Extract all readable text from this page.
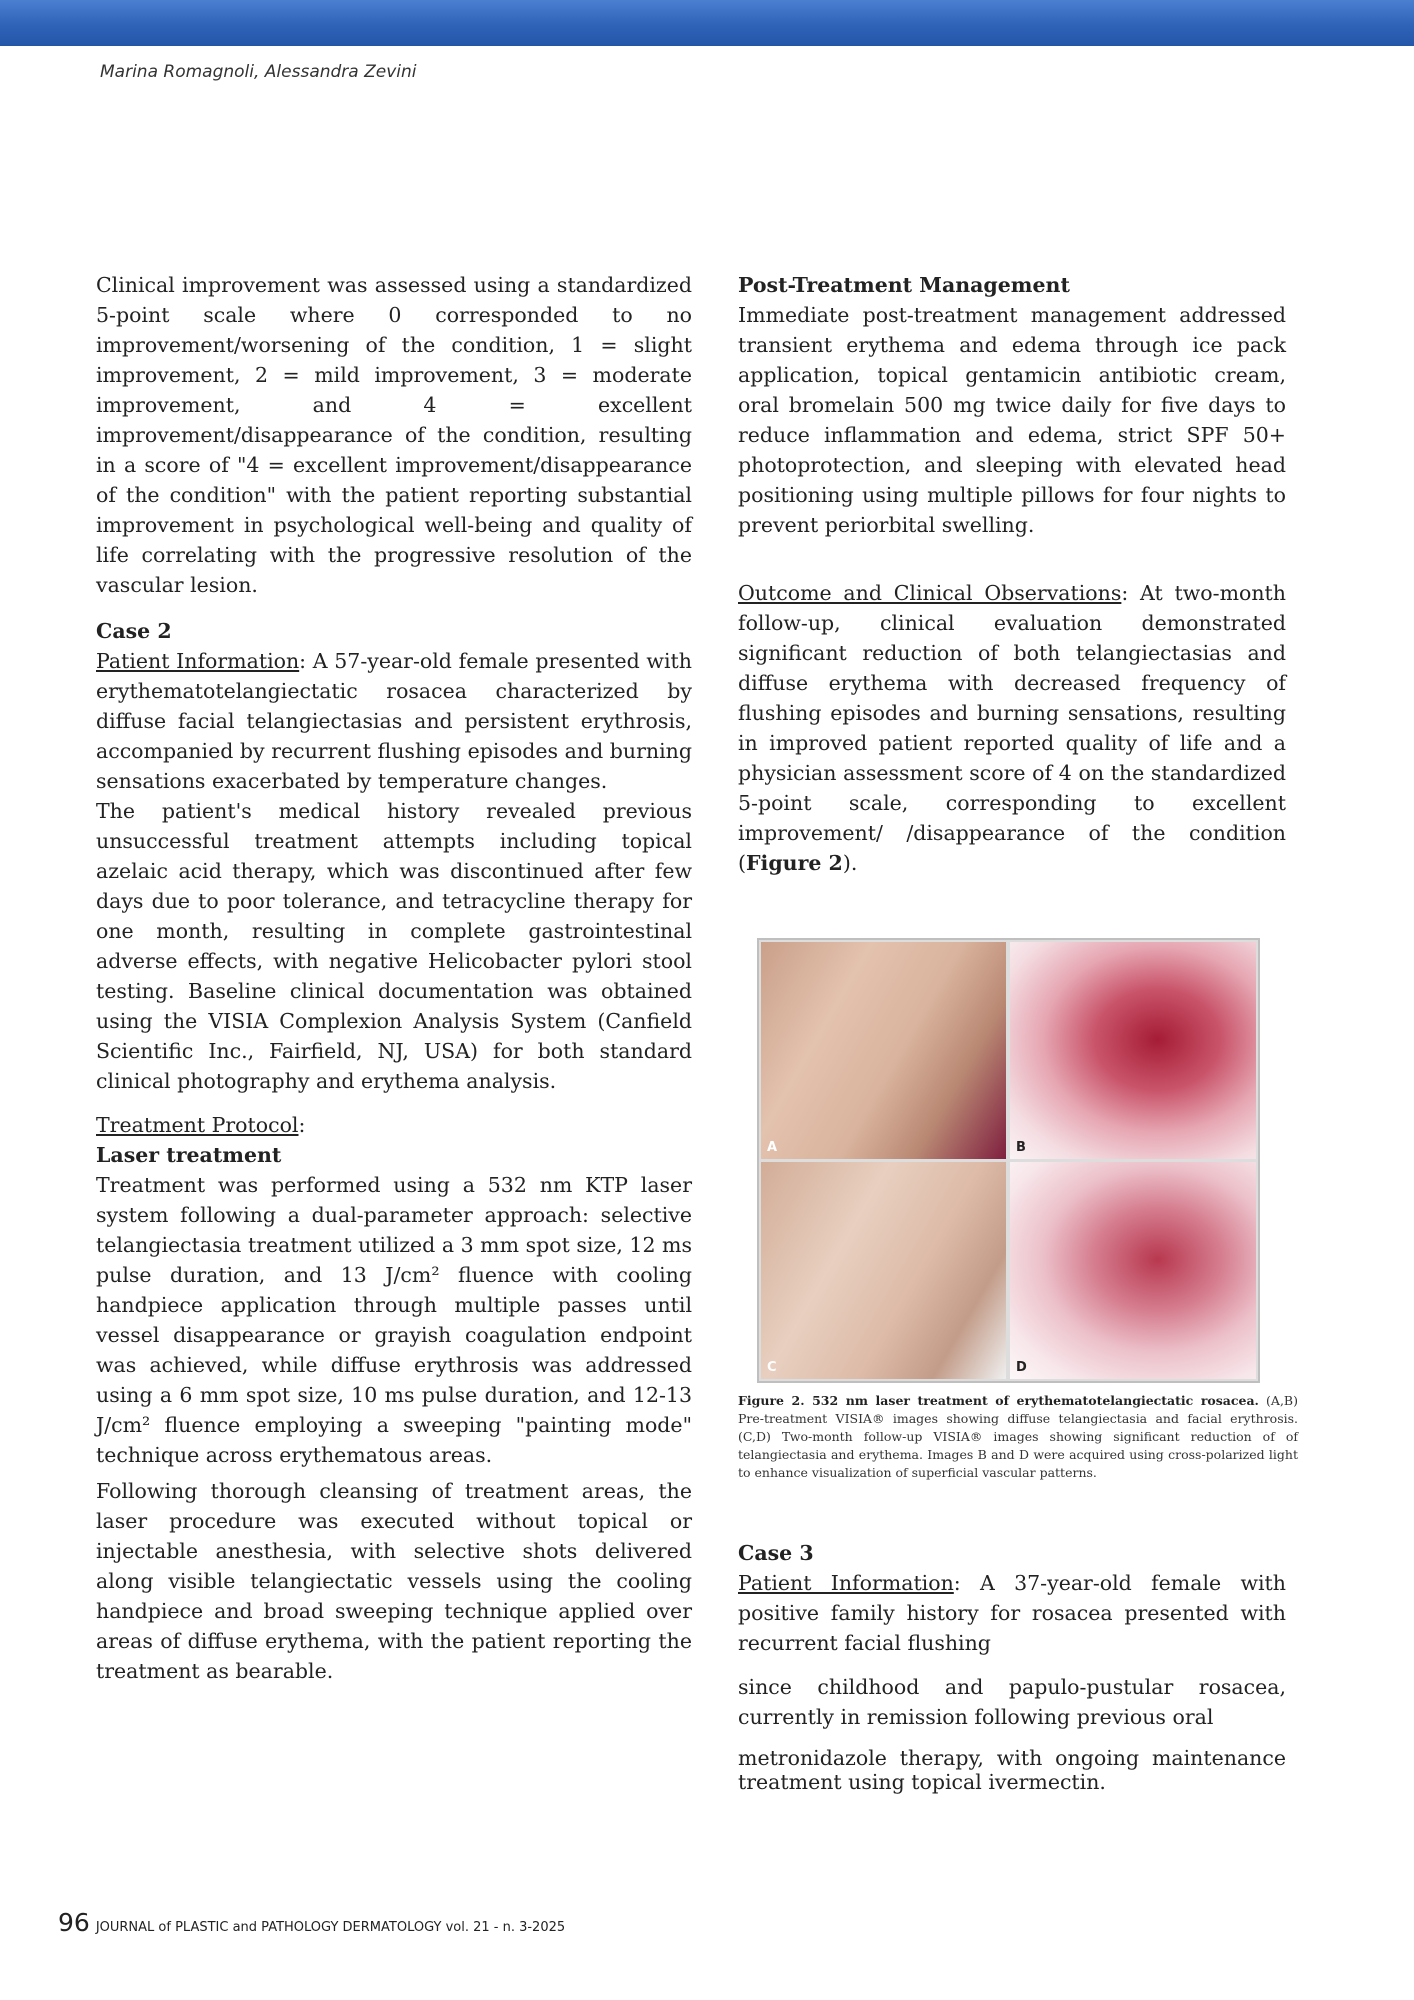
Marina Romagnoli, Alessandra Zevini

Clinical improvement was assessed using a standardized 5-point scale where 0 corresponded to no improvement/worsening of the condition, 1 = slight improvement, 2 = mild improvement, 3 = moderate improvement, and 4 = excellent improvement/disappearance of the condition, resulting in a score of "4 = excellent improvement/disappearance of the condition" with the patient reporting substantial improvement in psychological well-being and quality of life correlating with the progressive resolution of the vascular lesion.

Case 2

Patient Information: A 57-year-old female presented with erythematotelangiectatic rosacea characterized by diffuse facial telangiectasias and persistent erythrosis, accompanied by recurrent flushing episodes and burning sensations exacerbated by temperature changes.

The patient's medical history revealed previous unsuccessful treatment attempts including topical azelaic acid therapy, which was discontinued after few days due to poor tolerance, and tetracycline therapy for one month, resulting in complete gastrointestinal adverse effects, with negative Helicobacter pylori stool testing. Baseline clinical documentation was obtained using the VISIA Complexion Analysis System (Canfield Scientific Inc., Fairfield, NJ, USA) for both standard clinical photography and erythema analysis.

Treatment Protocol:

Laser treatment

Treatment was performed using a 532 nm KTP laser system following a dual-parameter approach: selective telangiectasia treatment utilized a 3 mm spot size, 12 ms pulse duration, and 13 J/cm² fluence with cooling handpiece application through multiple passes until vessel disappearance or grayish coagulation endpoint was achieved, while diffuse erythrosis was addressed using a 6 mm spot size, 10 ms pulse duration, and 12-13 J/cm² fluence employing a sweeping "painting mode" technique across erythematous areas.

Following thorough cleansing of treatment areas, the laser procedure was executed without topical or injectable anesthesia, with selective shots delivered along visible telangiectatic vessels using the cooling handpiece and broad sweeping technique applied over areas of diffuse erythema, with the patient reporting the treatment as bearable.

Post-Treatment Management

Immediate post-treatment management addressed transient erythema and edema through ice pack application, topical gentamicin antibiotic cream, oral bromelain 500 mg twice daily for five days to reduce inflammation and edema, strict SPF 50+ photoprotection, and sleeping with elevated head positioning using multiple pillows for four nights to prevent periorbital swelling.

Outcome and Clinical Observations: At two-month follow-up, clinical evaluation demonstrated significant reduction of both telangiectasias and diffuse erythema with decreased frequency of flushing episodes and burning sensations, resulting in improved patient reported quality of life and a physician assessment score of 4 on the standardized 5-point scale, corresponding to excellent improvement/ /disappearance of the condition (Figure 2).

A	B
C	D
Figure 2. 532 nm laser treatment of erythematotelangiectatic rosacea. (A,B) Pre-treatment VISIA® images showing diffuse telangiectasia and facial erythrosis. (C,D) Two-month follow-up VISIA® images showing significant reduction of of telangiectasia and erythema. Images B and D were acquired using cross-polarized light to enhance visualization of superficial vascular patterns.

Case 3

Patient Information: A 37-year-old female with positive family history for rosacea presented with recurrent facial flushing

since childhood and papulo-pustular rosacea, currently in remission following previous oral

metronidazole therapy, with ongoing maintenance treatment using topical ivermectin.

96 JOURNAL of PLASTIC and PATHOLOGY DERMATOLOGY vol. 21 - n. 3-2025
